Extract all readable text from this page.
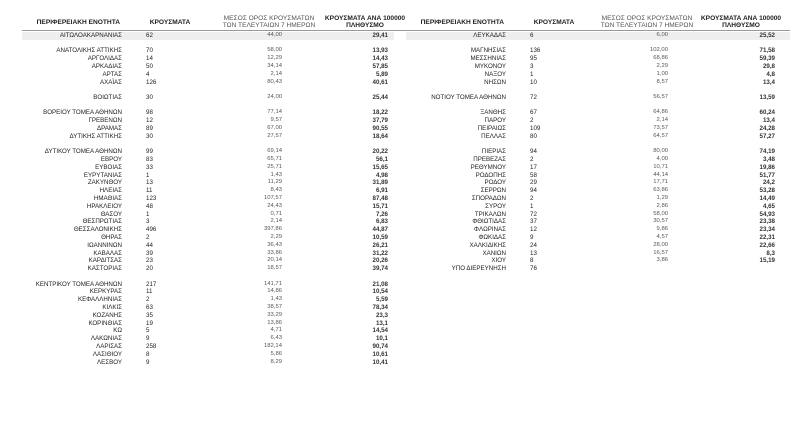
ΠΕΡΙΦΕΡΕΙΑΚΗ ΕΝΟΤΗΤΑ	ΚΡΟΥΣΜΑΤΑ
ΜΕΣΟΣ ΟΡΟΣ ΚΡΟΥΣΜΑΤΩΝ
ΤΩΝ ΤΕΛΕΥΤΑΙΩΝ 7 ΗΜΕΡΩΝ
ΚΡΟΥΣΜΑΤΑ ΑΝΑ 100000
ΠΛΗΘΥΣΜΟ	ΠΕΡΙΦΕΡΕΙΑΚΗ ΕΝΟΤΗΤΑ	ΚΡΟΥΣΜΑΤΑ
ΜΕΣΟΣ ΟΡΟΣ ΚΡΟΥΣΜΑΤΩΝ
ΤΩΝ ΤΕΛΕΥΤΑΙΩΝ 7 ΗΜΕΡΩΝ
ΚΡΟΥΣΜΑΤΑ ΑΝΑ 100000
ΠΛΗΘΥΣΜΟ
ΑΙΤΩΛΟΑΚΑΡΝΑΝΙΑΣ	62	44,00	29,41
ΑΝΑΤΟΛΙΚΗΣ ΑΤΤΙΚΗΣ	70	58,00	13,93
ΑΡΓΟΛΙΔΑΣ	14	12,29	14,43
ΑΡΚΑΔΙΑΣ	50	34,14	57,85
ΑΡΤΑΣ	4	2,14	5,89
ΑΧΑΪΑΣ	126	80,43	40,61
ΒΟΙΩΤΙΑΣ	30	24,00	25,44
ΒΟΡΕΙΟΥ ΤΟΜΕΑ ΑΘΗΝΩΝ	98	77,14	18,22
ΓΡΕΒΕΝΩΝ	12	9,57	37,79
ΔΡΑΜΑΣ	89	67,00	90,55
ΔΥΤΙΚΗΣ ΑΤΤΙΚΗΣ	30	27,57	18,64
ΔΥΤΙΚΟΥ ΤΟΜΕΑ ΑΘΗΝΩΝ	99	69,14	20,22
ΕΒΡΟΥ	83	65,71	56,1
ΕΥΒΟΙΑΣ	33	25,71	15,65
ΕΥΡΥΤΑΝΙΑΣ	1	1,43	4,98
ΖΑΚΥΝΘΟΥ	13	11,29	31,89
ΗΛΕΙΑΣ	11	8,43	6,91
ΗΜΑΘΙΑΣ	123	107,57	87,48
ΗΡΑΚΛΕΙΟΥ	48	24,43	15,71
ΘΑΣΟΥ	1	0,71	7,26
ΘΕΣΠΡΩΤΙΑΣ	3	2,14	6,83
ΘΕΣΣΑΛΟΝΙΚΗΣ	496	397,86	44,87
ΘΗΡΑΣ	2	2,29	10,59
ΙΩΑΝΝΙΝΩΝ	44	36,43	26,21
ΚΑΒΑΛΑΣ	39	33,86	31,22
ΚΑΡΔΙΤΣΑΣ	23	20,14	20,26
ΚΑΣΤΟΡΙΑΣ	20	18,57	39,74
ΚΕΝΤΡΙΚΟΥ ΤΟΜΕΑ ΑΘΗΝΩΝ	217	141,71	21,08
ΚΕΡΚΥΡΑΣ	11	14,86	10,54
ΚΕΦΑΛΛΗΝΙΑΣ	2	1,43	5,59
ΚΙΛΚΙΣ	63	38,57	78,34
ΚΟΖΑΝΗΣ	35	33,29	23,3
ΚΟΡΙΝΘΙΑΣ	19	13,86	13,1
ΚΩ	5	4,71	14,54
ΛΑΚΩΝΙΑΣ	9	6,43	10,1
ΛΑΡΙΣΑΣ	258	182,14	90,74
ΛΑΣΙΘΙΟΥ	8	5,86	10,61
ΛΕΣΒΟΥ	9	8,29	10,41
ΛΕΥΚΑΔΑΣ	6	6,00	25,52
ΜΑΓΝΗΣΙΑΣ	136	102,00	71,58
ΜΕΣΣΗΝΙΑΣ	95	68,86	59,39
ΜΥΚΟΝΟΥ	3	2,29	29,8
ΝΑΞΟΥ	1	1,00	4,8
ΝΗΣΩΝ	10	8,57	13,4
ΝΟΤΙΟΥ ΤΟΜΕΑ ΑΘΗΝΩΝ	72	56,57	13,59
ΞΑΝΘΗΣ	67	64,86	60,24
ΠΑΡΟΥ	2	2,14	13,4
ΠΕΙΡΑΙΩΣ	109	73,57	24,28
ΠΕΛΛΑΣ	80	64,57	57,27
ΠΙΕΡΙΑΣ	94	80,00	74,19
ΠΡΕΒΕΖΑΣ	2	4,00	3,48
ΡΕΘΥΜΝΟΥ	17	10,71	19,86
ΡΟΔΟΠΗΣ	58	44,14	51,77
ΡΟΔΟΥ	29	17,71	24,2
ΣΕΡΡΩΝ	94	63,86	53,28
ΣΠΟΡΑΔΩΝ	2	1,29	14,49
ΣΥΡΟΥ	1	2,86	4,65
ΤΡΙΚΑΛΩΝ	72	58,00	54,93
ΦΘΙΩΤΙΔΑΣ	37	30,57	23,38
ΦΛΩΡΙΝΑΣ	12	9,86	23,34
ΦΩΚΙΔΑΣ	9	4,57	22,31
ΧΑΛΚΙΔΙΚΗΣ	24	28,00	22,66
ΧΑΝΙΩΝ	13	16,57	8,3
ΧΙΟΥ	8	3,86	15,19
ΥΠΟ ΔΙΕΡΕΥΝΗΣΗ	76
